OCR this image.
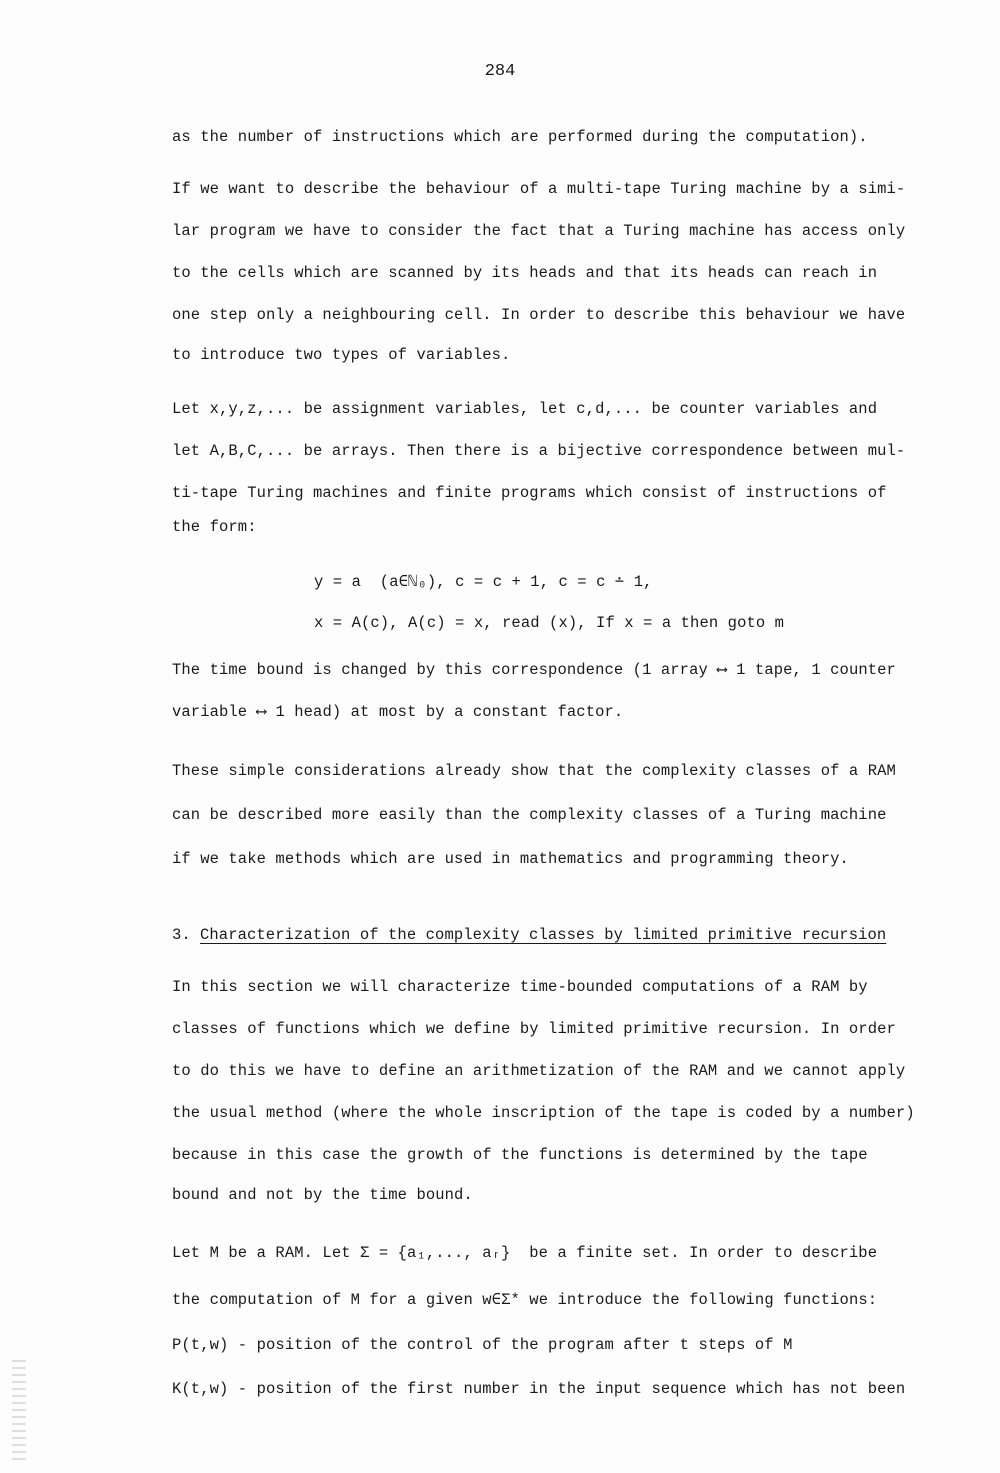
284
as the number of instructions which are performed during the computation).
If we want to describe the behaviour of a multi-tape Turing machine by a simi-
lar program we have to consider the fact that a Turing machine has access only
to the cells which are scanned by its heads and that its heads can reach in
one step only a neighbouring cell. In order to describe this behaviour we have
to introduce two types of variables.
Let x,y,z,... be assignment variables, let c,d,... be counter variables and
let A,B,C,... be arrays. Then there is a bijective correspondence between mul-
ti-tape Turing machines and finite programs which consist of instructions of
the form:
y = a  (a∈ℕ₀), c = c + 1, c = c ∸ 1,
x = A(c), A(c) = x, read (x), If x = a then goto m
The time bound is changed by this correspondence (1 array ⟷ 1 tape, 1 counter
variable ⟷ 1 head) at most by a constant factor.
These simple considerations already show that the complexity classes of a RAM
can be described more easily than the complexity classes of a Turing machine
if we take methods which are used in mathematics and programming theory.
3. Characterization of the complexity classes by limited primitive recursion
In this section we will characterize time-bounded computations of a RAM by
classes of functions which we define by limited primitive recursion. In order
to do this we have to define an arithmetization of the RAM and we cannot apply
the usual method (where the whole inscription of the tape is coded by a number)
because in this case the growth of the functions is determined by the tape
bound and not by the time bound.
Let M be a RAM. Let Σ = {a₁,..., aᵣ}  be a finite set. In order to describe
the computation of M for a given w∈Σ* we introduce the following functions:
P(t,w) - position of the control of the program after t steps of M
K(t,w) - position of the first number in the input sequence which has not been
